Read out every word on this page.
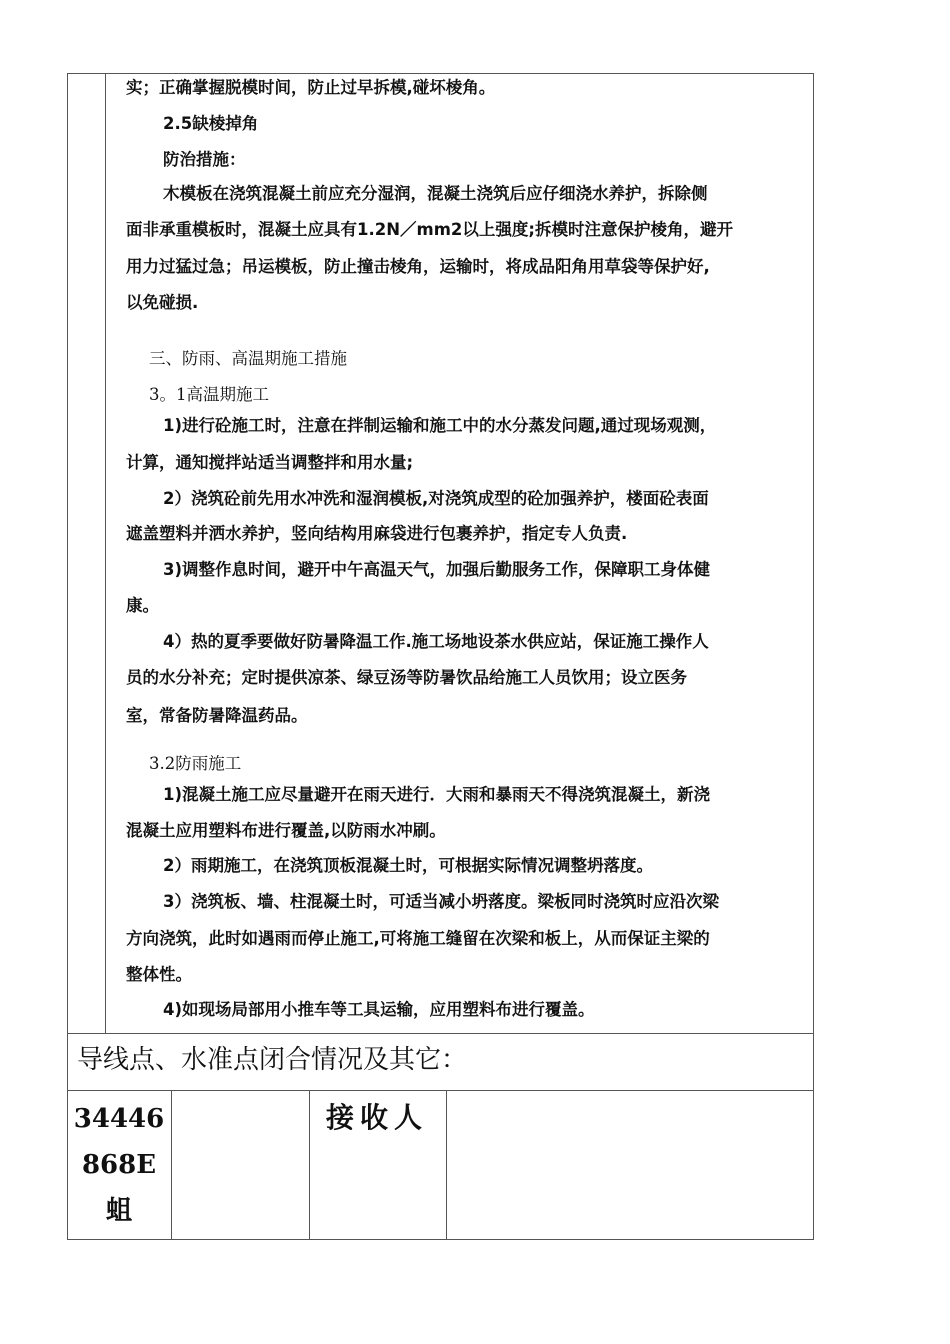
实；正确掌握脱模时间，防止过早拆模,碰坏棱角。
2.5缺棱掉角
防治措施：
木模板在浇筑混凝土前应充分湿润，混凝土浇筑后应仔细浇水养护，拆除侧
面非承重模板时，混凝土应具有1.2N／mm2以上强度;拆模时注意保护棱角，避开
用力过猛过急；吊运模板，防止撞击棱角，运输时，将成品阳角用草袋等保护好,
以免碰损.
三、防雨、高温期施工措施
3。1高温期施工
1)进行砼施工时，注意在拌制运输和施工中的水分蒸发问题,通过现场观测，
计算，通知搅拌站适当调整拌和用水量;
2）浇筑砼前先用水冲洗和湿润模板,对浇筑成型的砼加强养护，楼面砼表面
遮盖塑料并洒水养护，竖向结构用麻袋进行包裹养护，指定专人负责.
3)调整作息时间，避开中午高温天气，加强后勤服务工作，保障职工身体健
康。
4）热的夏季要做好防暑降温工作.施工场地设茶水供应站，保证施工操作人
员的水分补充；定时提供凉茶、绿豆汤等防暑饮品给施工人员饮用；设立医务
室，常备防暑降温药品。
3.2防雨施工
1)混凝土施工应尽量避开在雨天进行．大雨和暴雨天不得浇筑混凝土，新浇
混凝土应用塑料布进行覆盖,以防雨水冲刷。
2）雨期施工，在浇筑顶板混凝土时，可根据实际情况调整坍落度。
3）浇筑板、墙、柱混凝土时，可适当减小坍落度。梁板同时浇筑时应沿次梁
方向浇筑，此时如遇雨而停止施工,可将施工缝留在次梁和板上，从而保证主梁的
整体性。
4)如现场局部用小推车等工具运输，应用塑料布进行覆盖。
导线点、水准点闭合情况及其它：
34446
868E
蛆
接收人
